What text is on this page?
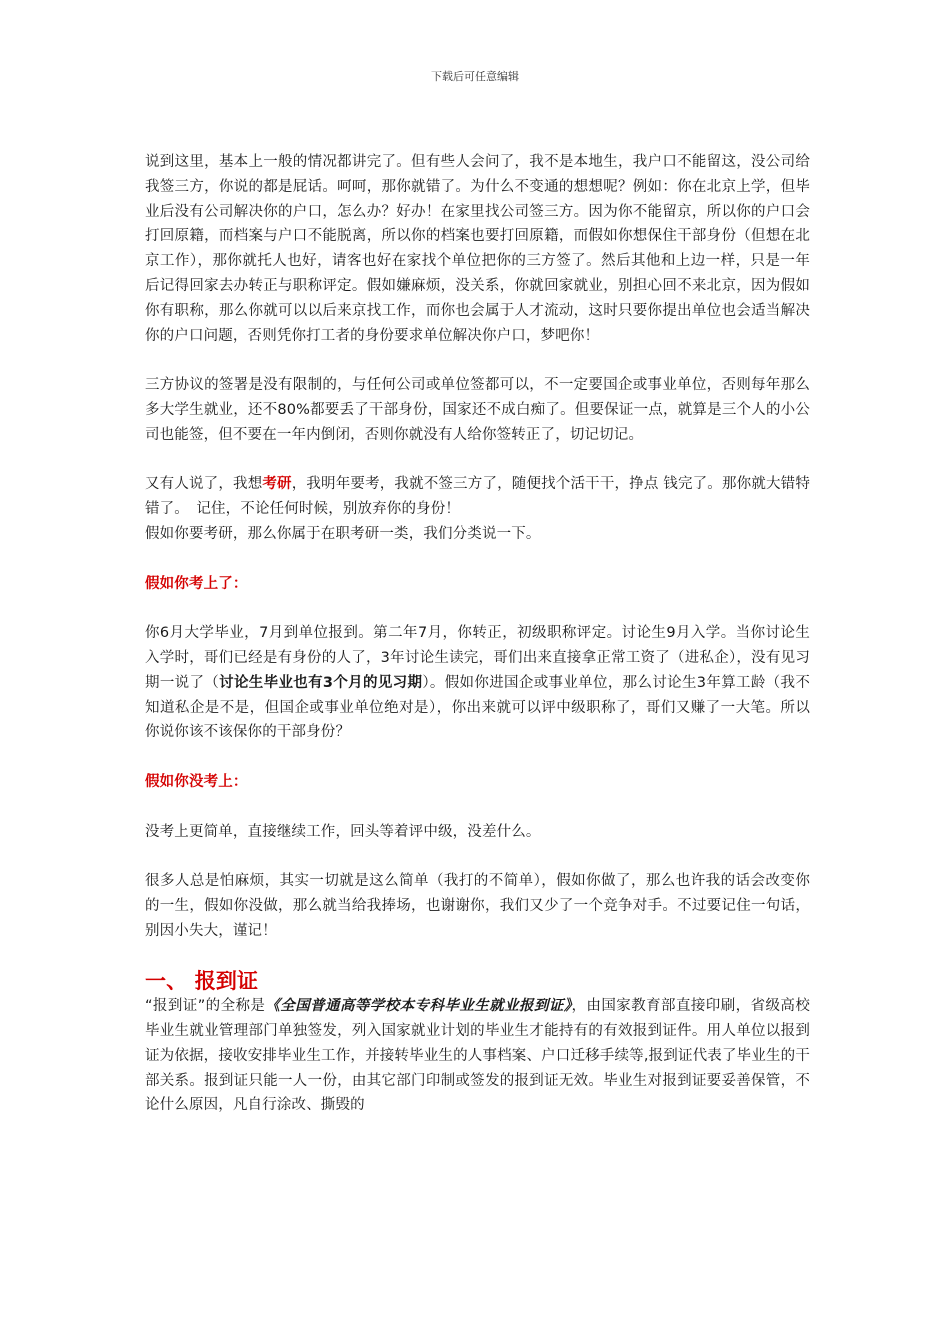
下载后可任意编辑

说到这里，基本上一般的情况都讲完了。但有些人会问了，我不是本地生，我户口不能留这，没公司给我签三方，你说的都是屁话。呵呵，那你就错了。为什么不变通的想想呢？例如：你在北京上学，但毕业后没有公司解决你的户口，怎么办？好办！在家里找公司签三方。因为你不能留京，所以你的户口会打回原籍，而档案与户口不能脱离，所以你的档案也要打回原籍，而假如你想保住干部身份（但想在北京工作），那你就托人也好，请客也好在家找个单位把你的三方签了。然后其他和上边一样，只是一年后记得回家去办转正与职称评定。假如嫌麻烦，没关系，你就回家就业，别担心回不来北京，因为假如你有职称，那么你就可以以后来京找工作，而你也会属于人才流动，这时只要你提出单位也会适当解决你的户口问题，否则凭你打工者的身份要求单位解决你户口，梦吧你！

三方协议的签署是没有限制的，与任何公司或单位签都可以，不一定要国企或事业单位，否则每年那么多大学生就业，还不80%都要丢了干部身份，国家还不成白痴了。但要保证一点，就算是三个人的小公司也能签，但不要在一年内倒闭，否则你就没有人给你签转正了，切记切记。

又有人说了，我想考研，我明年要考，我就不签三方了，随便找个活干干，挣点 钱完了。那你就大错特错了。　记住，不论任何时候，别放弃你的身份！

假如你要考研，那么你属于在职考研一类，我们分类说一下。

假如你考上了：

你6月大学毕业，7月到单位报到。第二年7月，你转正，初级职称评定。讨论生9月入学。当你讨论生入学时，哥们已经是有身份的人了，3年讨论生读完，哥们出来直接拿正常工资了（进私企），没有见习期一说了（讨论生毕业也有3个月的见习期）。假如你进国企或事业单位，那么讨论生3年算工龄（我不知道私企是不是，但国企或事业单位绝对是），你出来就可以评中级职称了，哥们又赚了一大笔。所以你说你该不该保你的干部身份？

假如你没考上：

没考上更简单，直接继续工作，回头等着评中级，没差什么。

很多人总是怕麻烦，其实一切就是这么简单（我打的不简单），假如你做了，那么也许我的话会改变你的一生，假如你没做，那么就当给我捧场，也谢谢你，我们又少了一个竞争对手。不过要记住一句话，别因小失大，谨记！

一、 报到证

“报到证”的全称是《全国普通高等学校本专科毕业生就业报到证》，由国家教育部直接印刷，省级高校毕业生就业管理部门单独签发，列入国家就业计划的毕业生才能持有的有效报到证件。用人单位以报到证为依据，接收安排毕业生工作，并接转毕业生的人事档案、户口迁移手续等,报到证代表了毕业生的干部关系。报到证只能一人一份，由其它部门印制或签发的报到证无效。毕业生对报到证要妥善保管，不论什么原因，凡自行涂改、撕毁的
